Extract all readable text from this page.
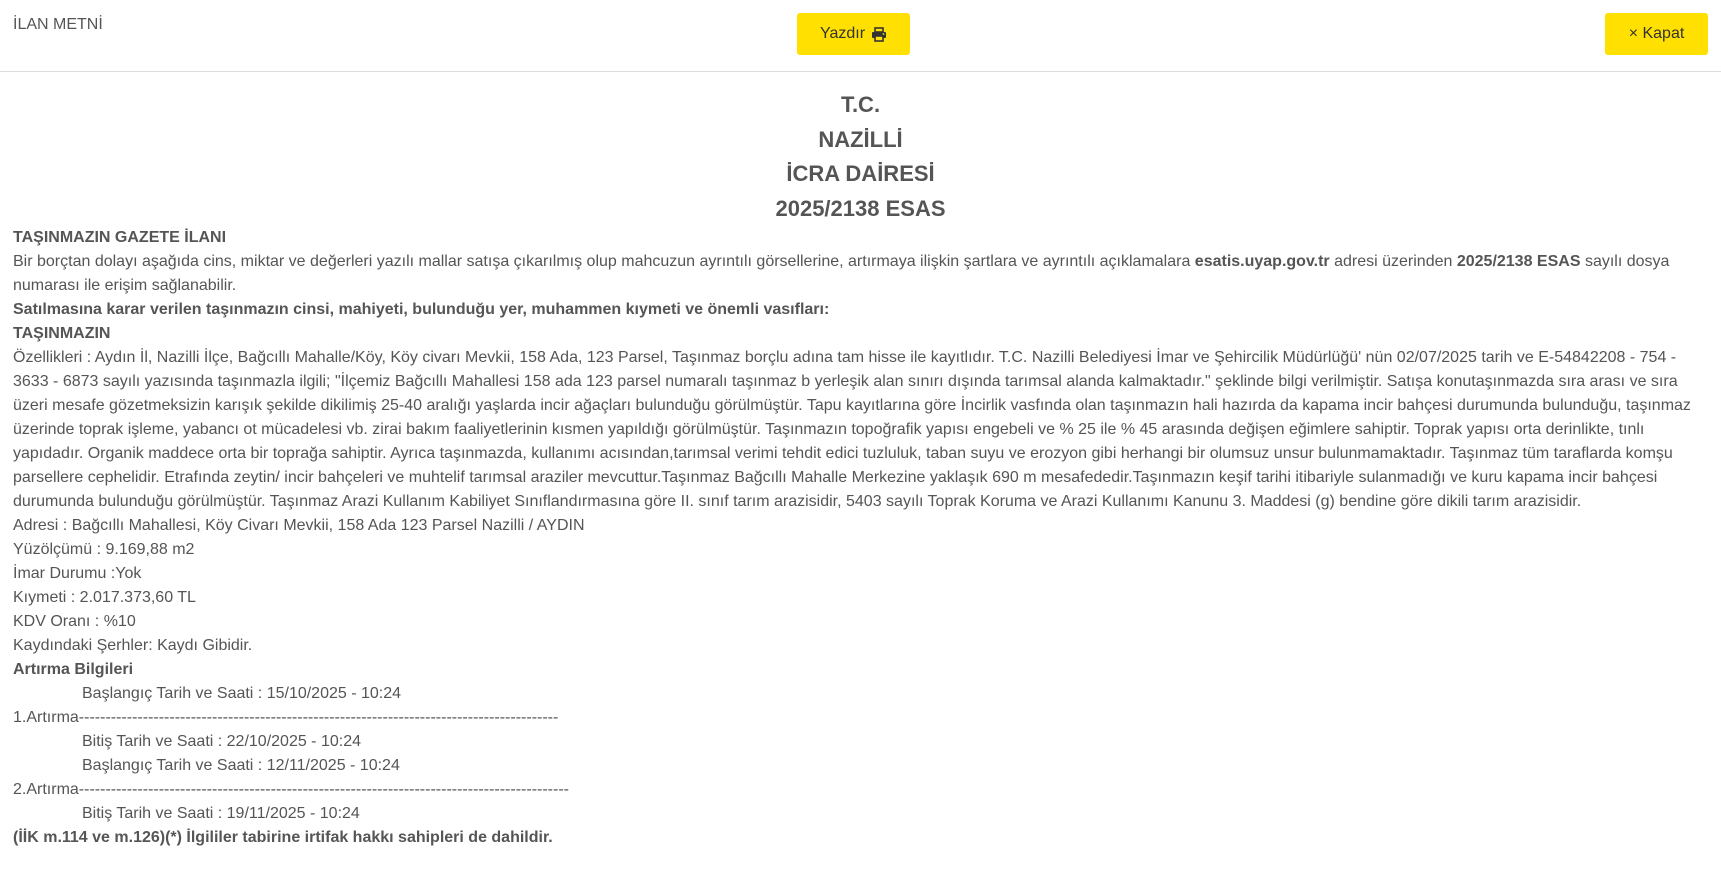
İLAN METNİ
Yazdır	× Kapat
T.C.
NAZİLLİ
İCRA DAİRESİ
2025/2138 ESAS
TAŞINMAZIN GAZETE İLANI

Bir borçtan dolayı aşağıda cins, miktar ve değerleri yazılı mallar satışa çıkarılmış olup mahcuzun ayrıntılı görsellerine, artırmaya ilişkin şartlara ve ayrıntılı açıklamalara esatis.uyap.gov.tr adresi üzerinden 2025/2138 ESAS sayılı dosya numarası ile erişim sağlanabilir.

Satılmasına karar verilen taşınmazın cinsi, mahiyeti, bulunduğu yer, muhammen kıymeti ve önemli vasıfları:
TAŞINMAZIN

Özellikleri : Aydın İl, Nazilli İlçe, Bağcıllı Mahalle/Köy, Köy civarı Mevkii, 158 Ada, 123 Parsel, Taşınmaz borçlu adına tam hisse ile kayıtlıdır. T.C. Nazilli Belediyesi İmar ve Şehircilik Müdürlüğü' nün 02/07/2025 tarih ve E-54842208 - 754 - 3633 - 6873 sayılı yazısında taşınmazla ilgili; "İlçemiz Bağcıllı Mahallesi 158 ada 123 parsel numaralı taşınmaz b yerleşik alan sınırı dışında tarımsal alanda kalmaktadır." şeklinde bilgi verilmiştir. Satışa konutaşınmazda sıra arası ve sıra üzeri mesafe gözetmeksizin karışık şekilde dikilimiş 25-40 aralığı yaşlarda incir ağaçları bulunduğu görülmüştür. Tapu kayıtlarına göre İncirlik vasfında olan taşınmazın hali hazırda da kapama incir bahçesi durumunda bulunduğu, taşınmaz üzerinde toprak işleme, yabancı ot mücadelesi vb. zirai bakım faaliyetlerinin kısmen yapıldığı görülmüştür. Taşınmazın topoğrafik yapısı engebeli ve % 25 ile % 45 arasında değişen eğimlere sahiptir. Toprak yapısı orta derinlikte, tınlı yapıdadır. Organik maddece orta bir toprağa sahiptir. Ayrıca taşınmazda, kullanımı acısından,tarımsal verimi tehdit edici tuzluluk, taban suyu ve erozyon gibi herhangi bir olumsuz unsur bulunmamaktadır. Taşınmaz tüm taraflarda komşu parsellere cephelidir. Etrafında zeytin/ incir bahçeleri ve muhtelif tarımsal araziler mevcuttur.Taşınmaz Bağcıllı Mahalle Merkezine yaklaşık 690 m mesafededir.Taşınmazın keşif tarihi itibariyle sulanmadığı ve kuru kapama incir bahçesi durumunda bulunduğu görülmüştür. Taşınmaz Arazi Kullanım Kabiliyet Sınıflandırmasına göre II. sınıf tarım arazisidir, 5403 sayılı Toprak Koruma ve Arazi Kullanımı Kanunu 3. Maddesi (g) bendine göre dikili tarım arazisidir.

Adresi : Bağcıllı Mahallesi, Köy Civarı Mevkii, 158 Ada 123 Parsel Nazilli / AYDIN
Yüzölçümü : 9.169,88 m2
İmar Durumu :Yok
Kıymeti : 2.017.373,60 TL
KDV Oranı : %10
Kaydındaki Şerhler: Kaydı Gibidir.
Artırma Bilgileri
Başlangıç Tarih ve Saati : 15/10/2025 - 10:24
1.Artırma------------------------------------------------------------------------------------------
Bitiş Tarih ve Saati : 22/10/2025 - 10:24
Başlangıç Tarih ve Saati : 12/11/2025 - 10:24
2.Artırma--------------------------------------------------------------------------------------------
Bitiş Tarih ve Saati : 19/11/2025 - 10:24
(İİK m.114 ve m.126)(*) İlgililer tabirine irtifak hakkı sahipleri de dahildir.
